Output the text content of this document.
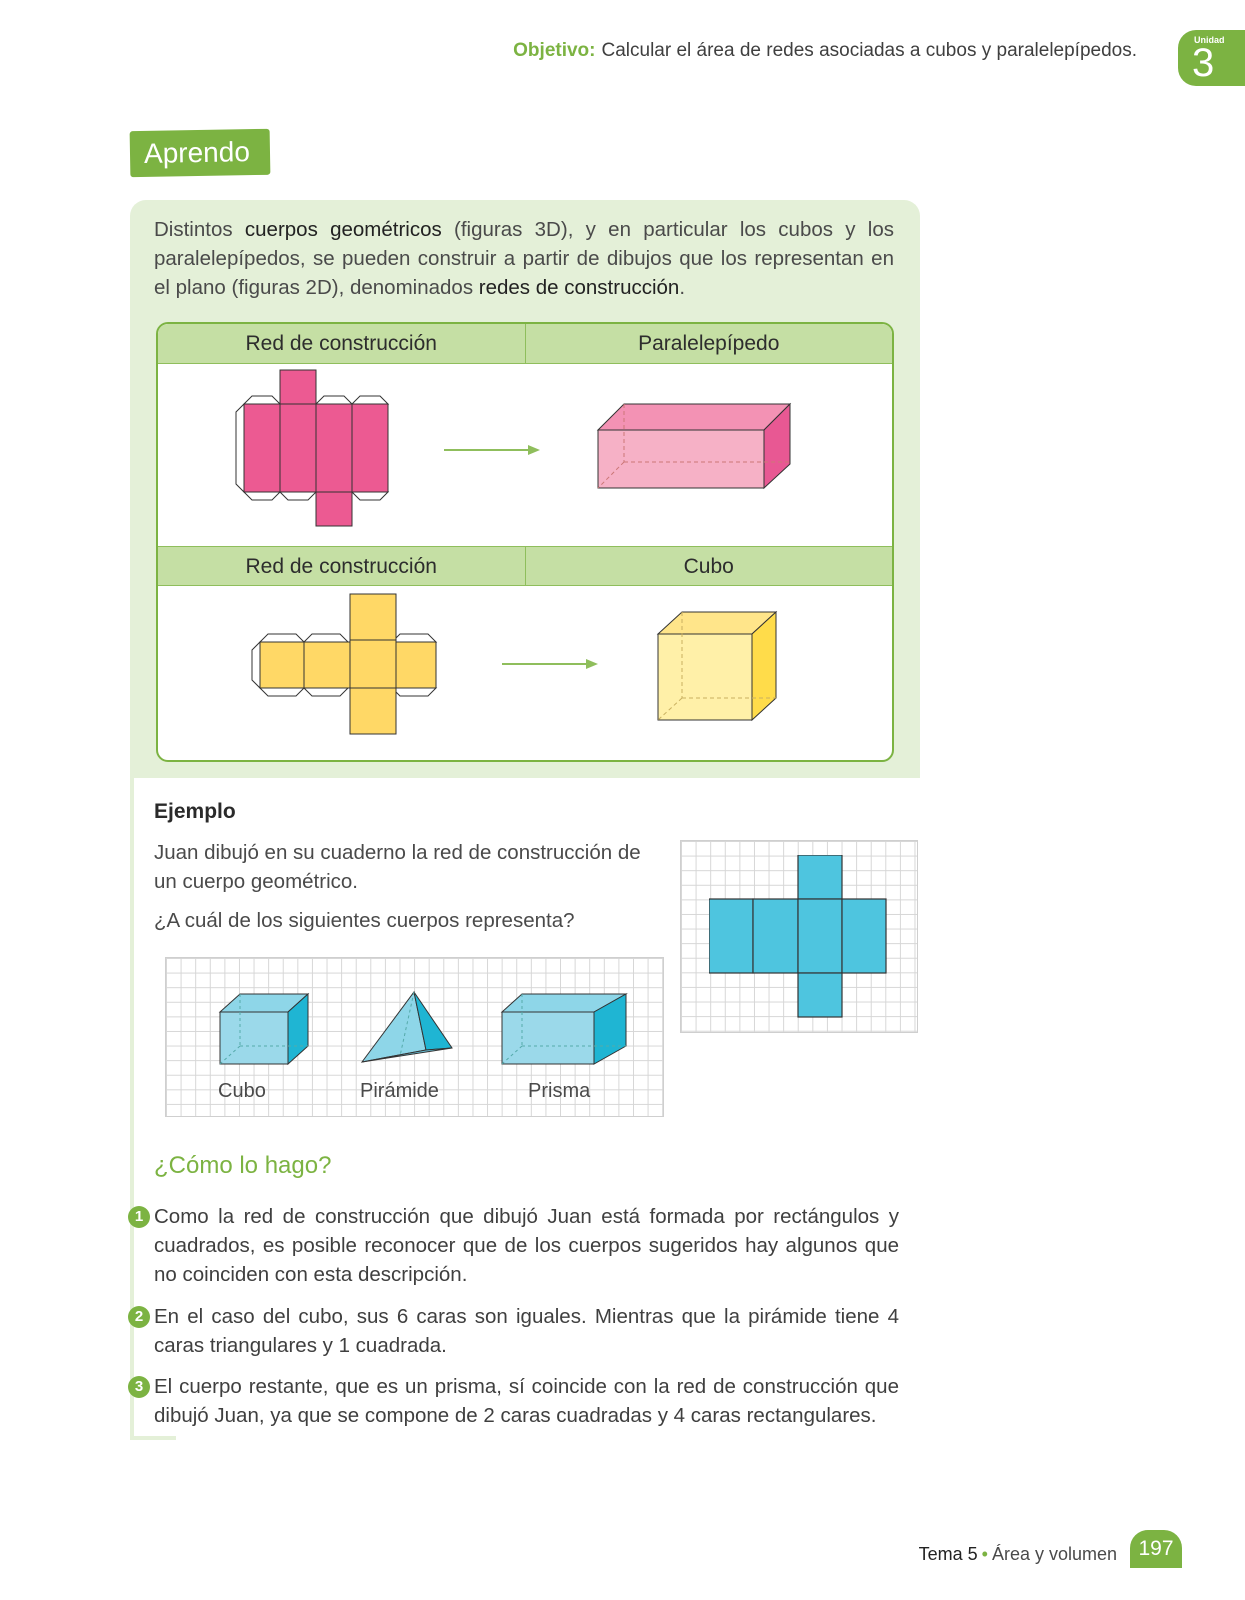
Objetivo: Calcular el área de redes asociadas a cubos y paralelepípedos.	Unidad
3
Aprendo

Distintos cuerpos geométricos (figuras 3D), y en particular los cubos y los paralelepípedos, se pueden construir a partir de dibujos que los representan en el plano (figuras 2D), denominados redes de construcción.

Red de construcción	Paralelepípedo
Red de construcción	Cubo
Ejemplo

Juan dibujó en su cuaderno la red de construcción de un cuerpo geométrico.

¿A cuál de los siguientes cuerpos representa?

Cubo	Pirámide	Prisma
¿Cómo lo hago?
1 Como la red de construcción que dibujó Juan está formada por rectángulos y cuadrados, es posible reconocer que de los cuerpos sugeridos hay algunos que no coinciden con esta descripción.

2 En el caso del cubo, sus 6 caras son iguales. Mientras que la pirámide tiene 4 caras triangulares y 1 cuadrada.

3 El cuerpo restante, que es un prisma, sí coincide con la red de construcción que dibujó Juan, ya que se compone de 2 caras cuadradas y 4 caras rectangulares.

Tema 5 • Área y volumen	197
